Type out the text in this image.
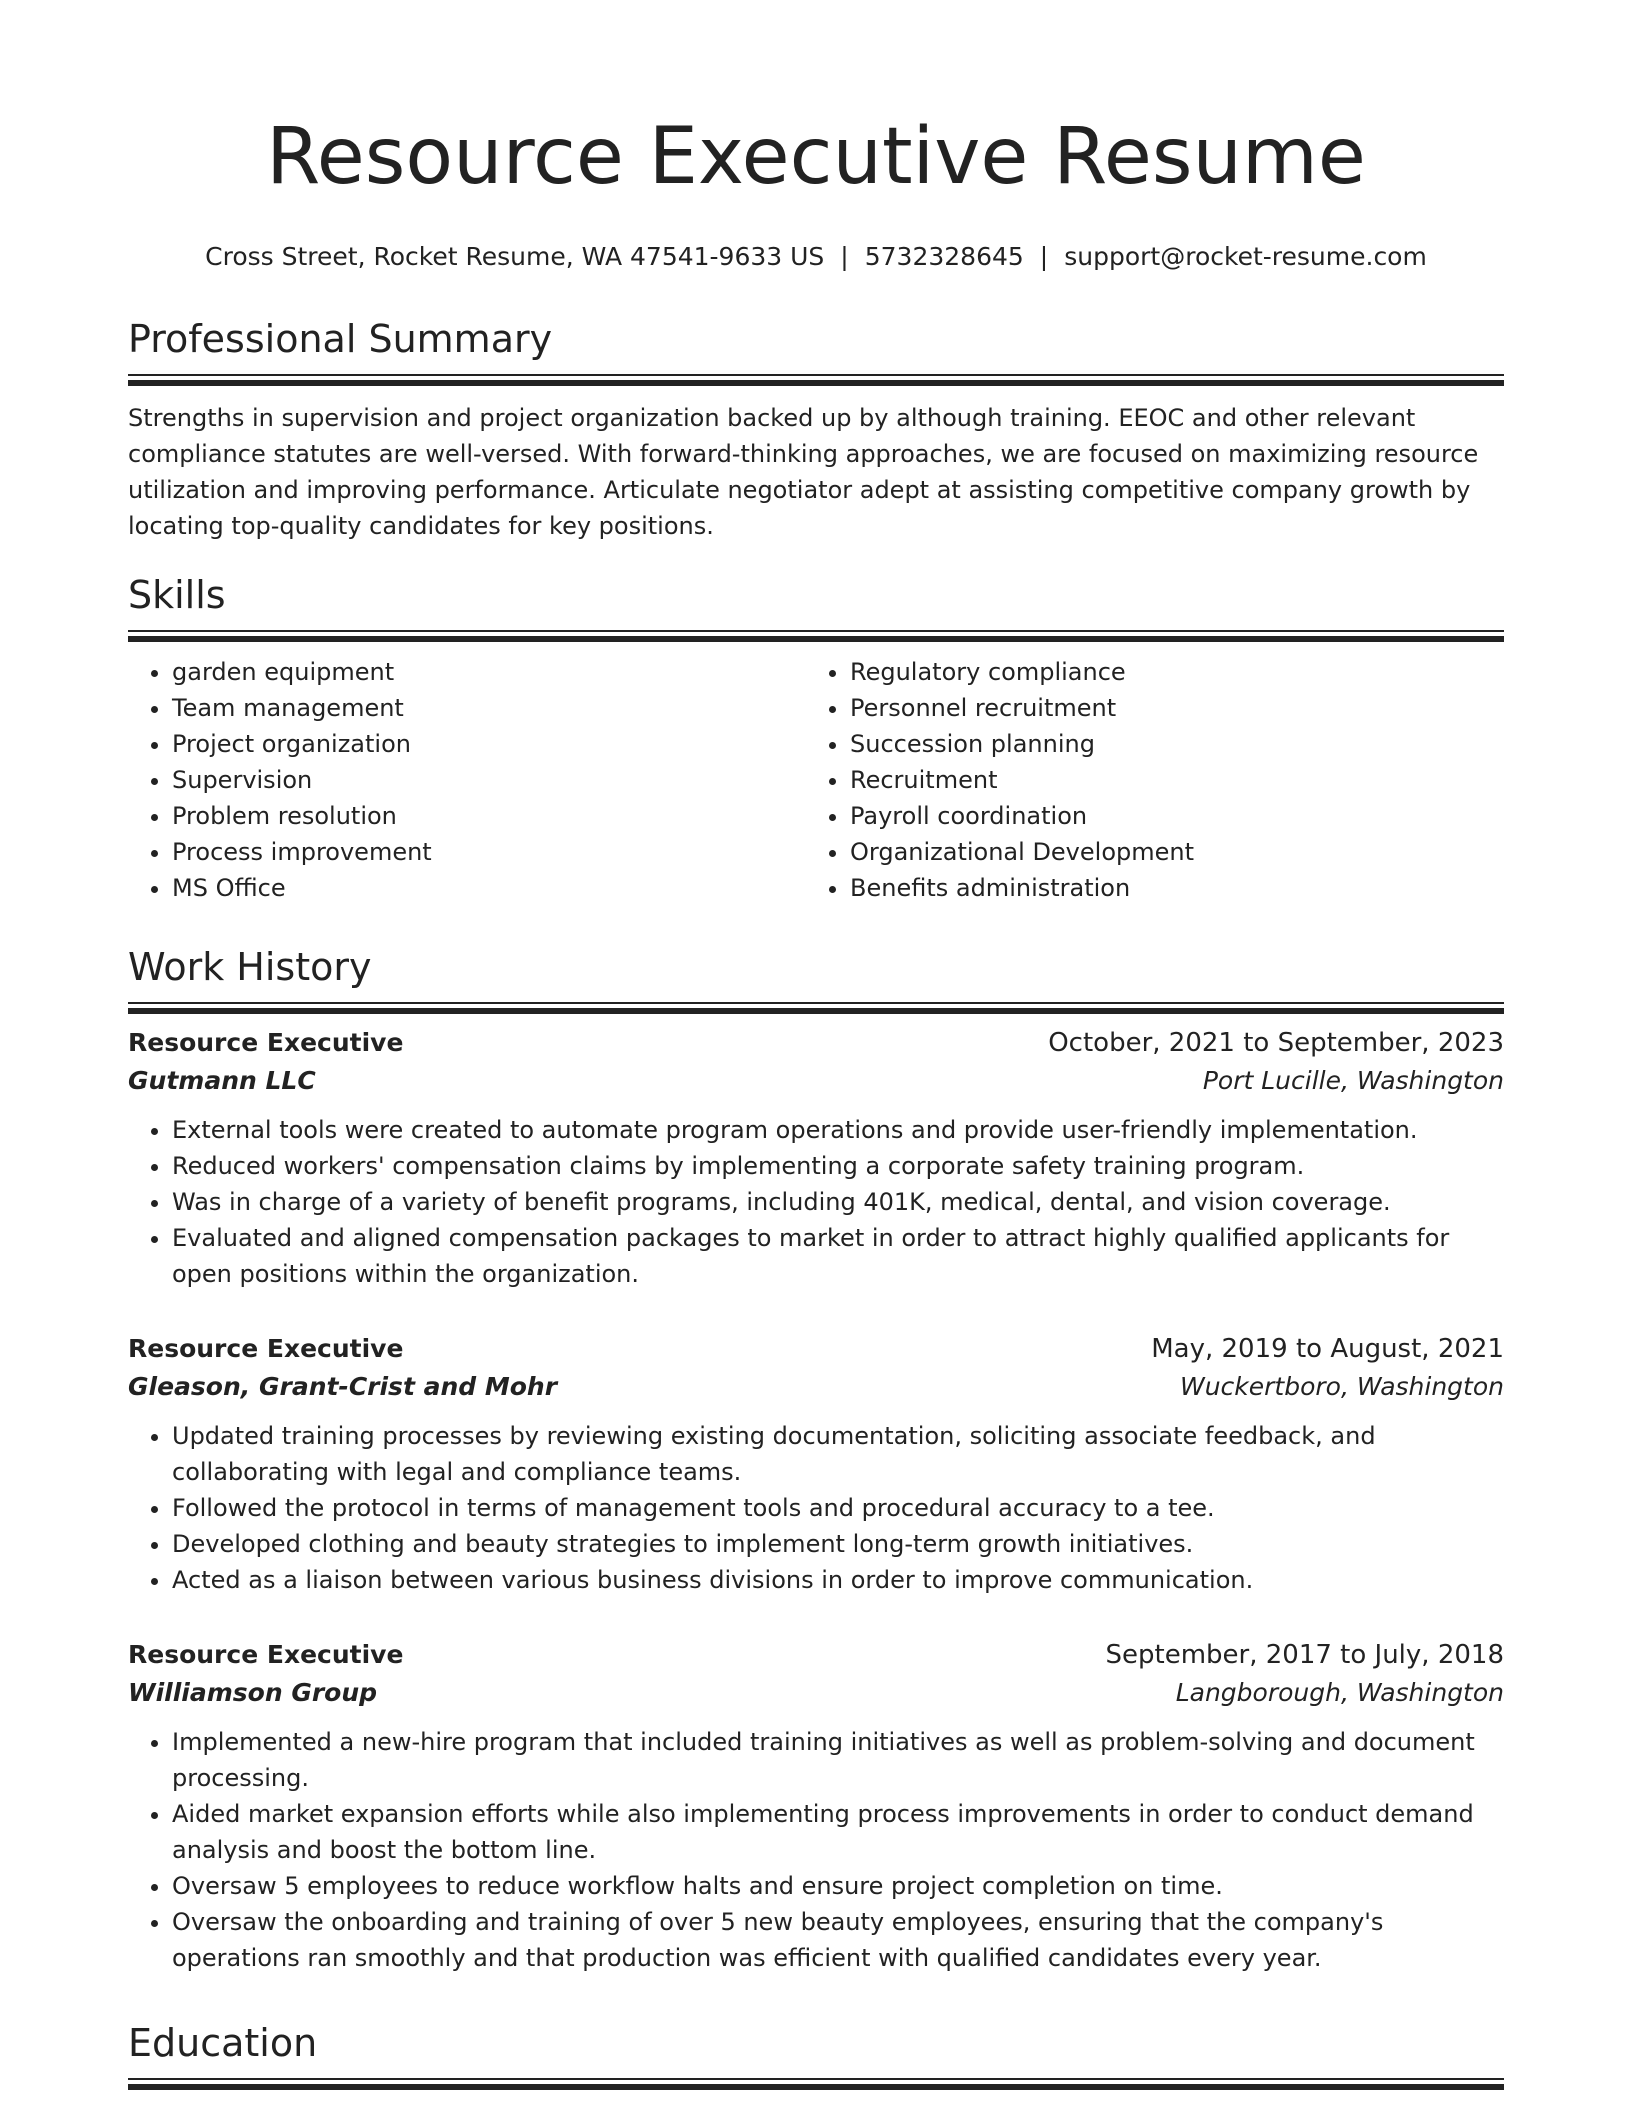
Resource Executive Resume
Cross Street, Rocket Resume, WA 47541-9633 US | 5732328645 | support@rocket-resume.com
Professional Summary

Strengths in supervision and project organization backed up by although training. EEOC and other relevant compliance statutes are well-versed. With forward-thinking approaches, we are focused on maximizing resource utilization and improving performance. Articulate negotiator adept at assisting competitive company growth by locating top-quality candidates for key positions.

Skills
• garden equipment
• Team management
• Project organization
• Supervision
• Problem resolution
• Process improvement
• MS Office
• Regulatory compliance
• Personnel recruitment
• Succession planning
• Recruitment
• Payroll coordination
• Organizational Development
• Benefits administration
Work History
Resource Executive	October, 2021 to September, 2023
Gutmann LLC	Port Lucille, Washington
• External tools were created to automate program operations and provide user-friendly implementation.
• Reduced workers' compensation claims by implementing a corporate safety training program.
• Was in charge of a variety of benefit programs, including 401K, medical, dental, and vision coverage.
• Evaluated and aligned compensation packages to market in order to attract highly qualified applicants for open positions within the organization.
Resource Executive	May, 2019 to August, 2021
Gleason, Grant-Crist and Mohr	Wuckertboro, Washington
• Updated training processes by reviewing existing documentation, soliciting associate feedback, and collaborating with legal and compliance teams.
• Followed the protocol in terms of management tools and procedural accuracy to a tee.
• Developed clothing and beauty strategies to implement long-term growth initiatives.
• Acted as a liaison between various business divisions in order to improve communication.
Resource Executive	September, 2017 to July, 2018
Williamson Group	Langborough, Washington
• Implemented a new-hire program that included training initiatives as well as problem-solving and document processing.
• Aided market expansion efforts while also implementing process improvements in order to conduct demand analysis and boost the bottom line.
• Oversaw 5 employees to reduce workflow halts and ensure project completion on time.
• Oversaw the onboarding and training of over 5 new beauty employees, ensuring that the company's operations ran smoothly and that production was efficient with qualified candidates every year.
Education
